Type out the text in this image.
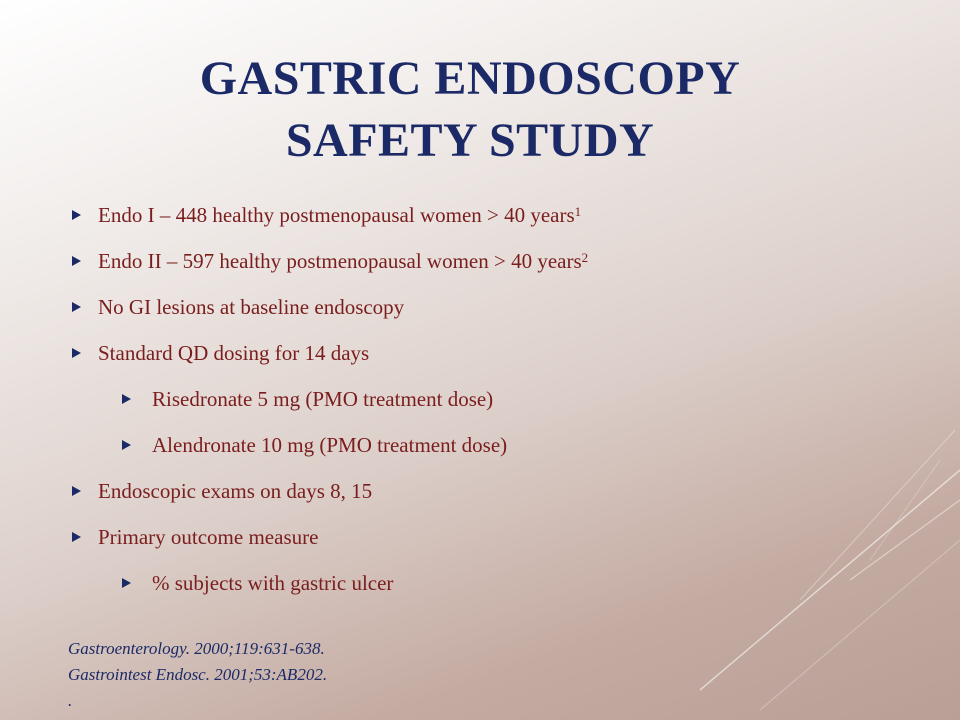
GASTRIC ENDOSCOPY
SAFETY STUDY
Endo I – 448 healthy postmenopausal women > 40 years$^1$
Endo II – 597 healthy postmenopausal women > 40 years$^2$
No GI lesions at baseline endoscopy
Standard QD dosing for 14 days
Risedronate 5 mg (PMO treatment dose)
Alendronate 10 mg (PMO treatment dose)
Endoscopic exams on days 8, 15
Primary outcome measure
% subjects with gastric ulcer
Gastroenterology. 2000;119:631-638.
Gastrointest Endosc. 2001;53:AB202.
.
